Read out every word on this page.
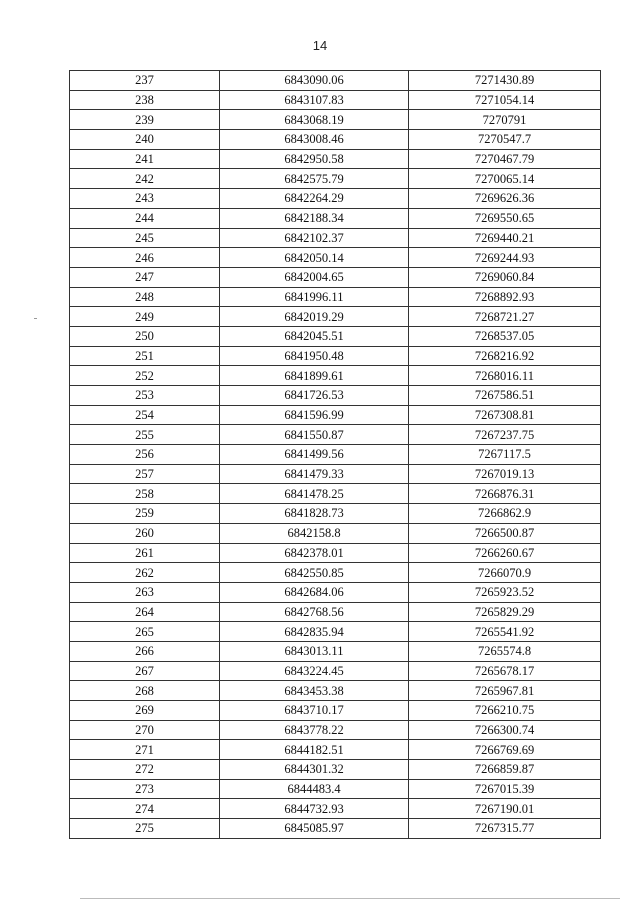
14
237	6843090.06	7271430.89
238	6843107.83	7271054.14
239	6843068.19	7270791
240	6843008.46	7270547.7
241	6842950.58	7270467.79
242	6842575.79	7270065.14
243	6842264.29	7269626.36
244	6842188.34	7269550.65
245	6842102.37	7269440.21
246	6842050.14	7269244.93
247	6842004.65	7269060.84
248	6841996.11	7268892.93
249	6842019.29	7268721.27
250	6842045.51	7268537.05
251	6841950.48	7268216.92
252	6841899.61	7268016.11
253	6841726.53	7267586.51
254	6841596.99	7267308.81
255	6841550.87	7267237.75
256	6841499.56	7267117.5
257	6841479.33	7267019.13
258	6841478.25	7266876.31
259	6841828.73	7266862.9
260	6842158.8	7266500.87
261	6842378.01	7266260.67
262	6842550.85	7266070.9
263	6842684.06	7265923.52
264	6842768.56	7265829.29
265	6842835.94	7265541.92
266	6843013.11	7265574.8
267	6843224.45	7265678.17
268	6843453.38	7265967.81
269	6843710.17	7266210.75
270	6843778.22	7266300.74
271	6844182.51	7266769.69
272	6844301.32	7266859.87
273	6844483.4	7267015.39
274	6844732.93	7267190.01
275	6845085.97	7267315.77
